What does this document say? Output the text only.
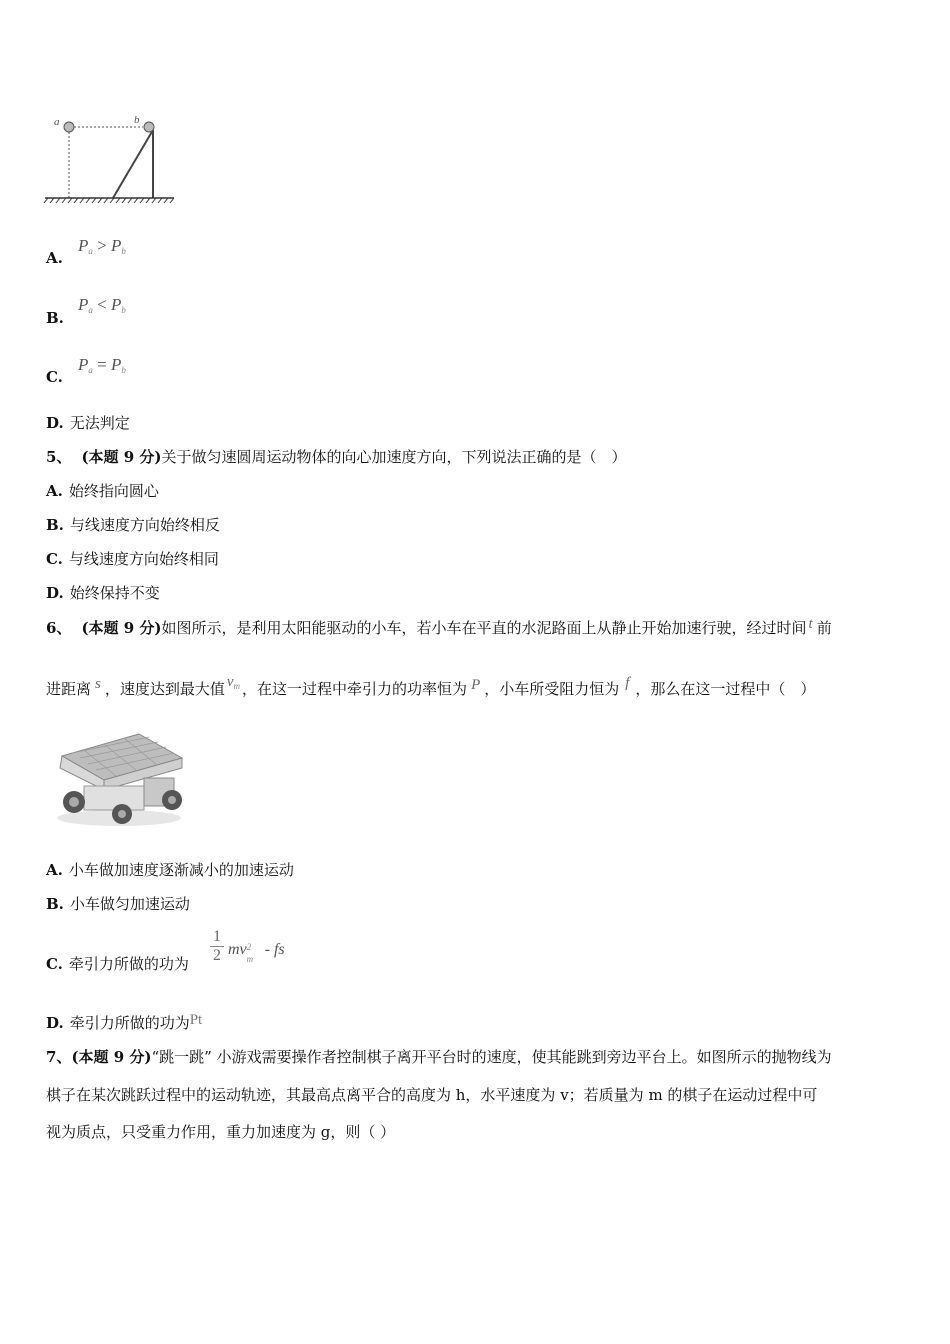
a	b
A.
$P_a > P_b$
B.
$P_a < P_b$
C.
$P_a = P_b$
D. 无法判定
5、 (本题 9 分)关于做匀速圆周运动物体的向心加速度方向，下列说法正确的是（　）
A. 始终指向圆心
B. 与线速度方向始终相反
C. 与线速度方向始终相同
D. 始终保持不变
6、 (本题 9 分)如图所示，是利用太阳能驱动的小车，若小车在平直的水泥路面上从静止开始加速行驶，经过时间 t 前
进距离 s ，速度达到最大值 $v_m$ ，在这一过程中牵引力的功率恒为 P ，小车所受阻力恒为 f ，那么在这一过程中（　）
A. 小车做加速度逐渐减小的加速运动
B. 小车做匀加速运动
C. 牵引力所做的功为
1
2 mv 2
m
- fs
D. 牵引力所做的功为Pt
7、(本题 9 分)“跳一跳” 小游戏需要操作者控制棋子离开平台时的速度，使其能跳到旁边平台上。如图所示的抛物线为
棋子在某次跳跃过程中的运动轨迹，其最高点离平合的高度为 h，水平速度为 v；若质量为 m 的棋子在运动过程中可
视为质点，只受重力作用，重力加速度为 g，则（ ）
